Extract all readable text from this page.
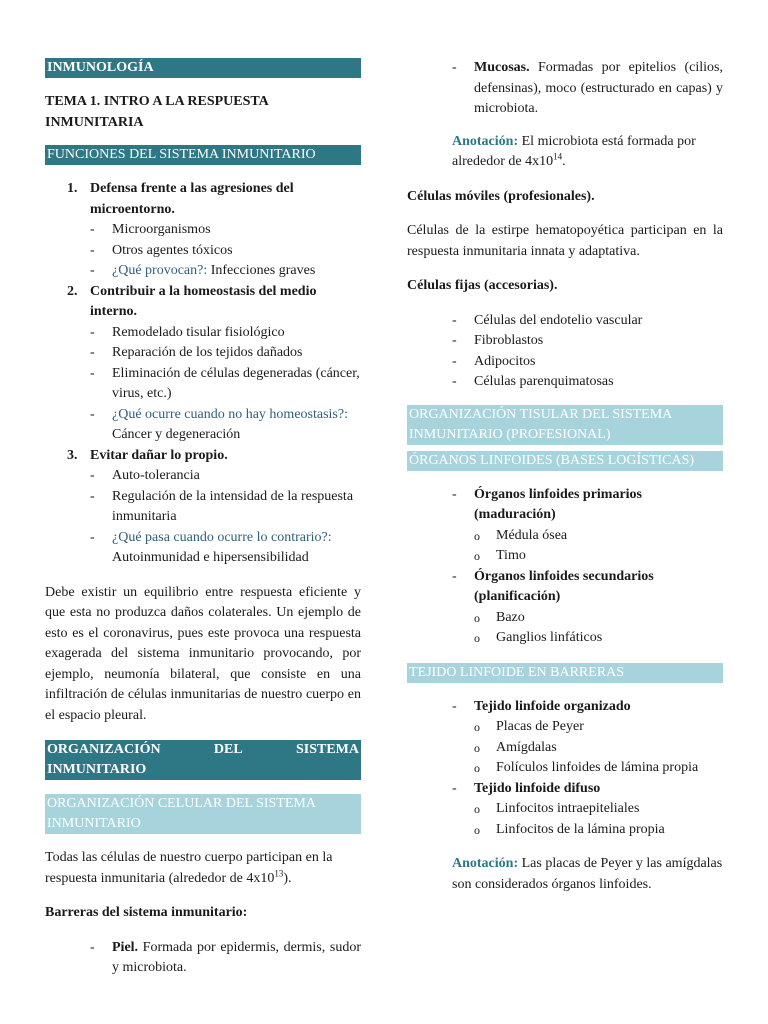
INMUNOLOGÍA

TEMA 1. INTRO A LA RESPUESTA INMUNITARIA

FUNCIONES DEL SISTEMA INMUNITARIO
1. Defensa frente a las agresiones del microentorno.
- Microorganismos
- Otros agentes tóxicos
- ¿Qué provocan?: Infecciones graves
2. Contribuir a la homeostasis del medio interno.
- Remodelado tisular fisiológico
- Reparación de los tejidos dañados
- Eliminación de células degeneradas (cáncer, virus, etc.)
- ¿Qué ocurre cuando no hay homeostasis?: Cáncer y degeneración
3. Evitar dañar lo propio.
- Auto-tolerancia
- Regulación de la intensidad de la respuesta inmunitaria
- ¿Qué pasa cuando ocurre lo contrario?: Autoinmunidad e hipersensibilidad

Debe existir un equilibrio entre respuesta eficiente y que esta no produzca daños colaterales. Un ejemplo de esto es el coronavirus, pues este provoca una respuesta exagerada del sistema inmunitario provocando, por ejemplo, neumonía bilateral, que consiste en una infiltración de células inmunitarias de nuestro cuerpo en el espacio pleural.

ORGANIZACIÓN	DEL	SISTEMA
INMUNITARIO
ORGANIZACIÓN CELULAR DEL SISTEMA INMUNITARIO

Todas las células de nuestro cuerpo participan en la respuesta inmunitaria (alrededor de $4x10^{13}$).

Barreras del sistema inmunitario:

- Piel. Formada por epidermis, dermis, sudor y microbiota.
- Mucosas. Formadas por epitelios (cilios, defensinas), moco (estructurado en capas) y microbiota.

Anotación: El microbiota está formada por alrededor de $4x10^{14}$.

Células móviles (profesionales).

Células de la estirpe hematopoyética participan en la respuesta inmunitaria innata y adaptativa.

Células fijas (accesorias).

- Células del endotelio vascular
- Fibroblastos
- Adipocitos
- Células parenquimatosas
ORGANIZACIÓN TISULAR DEL SISTEMA INMUNITARIO (PROFESIONAL)
ÓRGANOS LINFOIDES (BASES LOGÍSTICAS)
- Órganos linfoides primarios (maduración)
o Médula ósea
o Timo
- Órganos linfoides secundarios (planificación)
o Bazo
o Ganglios linfáticos
TEJIDO LINFOIDE EN BARRERAS
- Tejido linfoide organizado
o Placas de Peyer
o Amígdalas
o Folículos linfoides de lámina propia
- Tejido linfoide difuso
o Linfocitos intraepiteliales
o Linfocitos de la lámina propia

Anotación: Las placas de Peyer y las amígdalas son considerados órganos linfoides.
